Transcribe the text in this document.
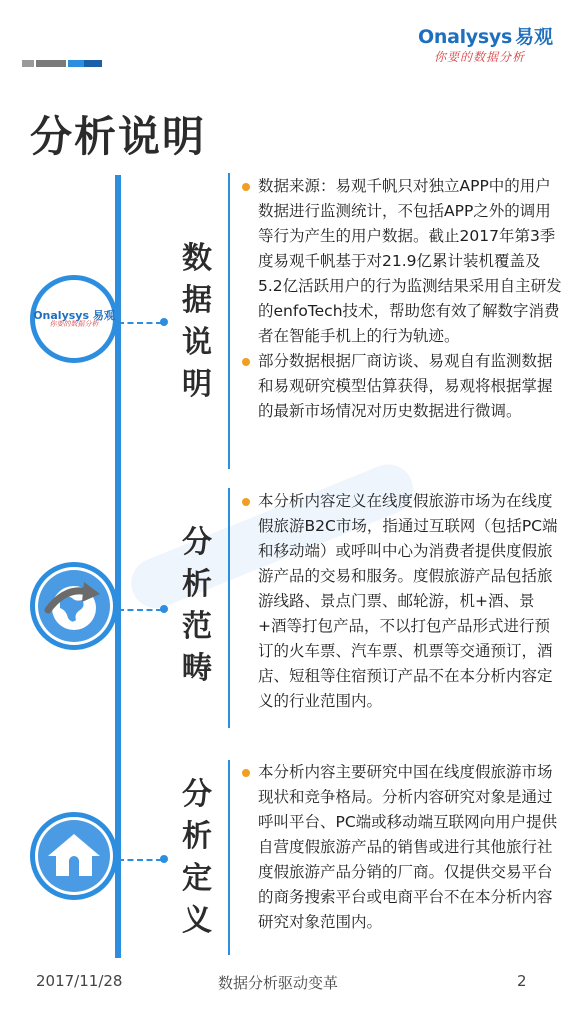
Onalysys 易观
你要的数据分析
分析说明
Onalysys 易观
你要的数据分析
数据说明

数据来源：易观千帆只对独立APP中的用户数据进行监测统计，不包括APP之外的调用等行为产生的用户数据。截止2017年第3季度易观千帆基于对21.9亿累计装机覆盖及5.2亿活跃用户的行为监测结果采用自主研发的enfoTech技术，帮助您有效了解数字消费者在智能手机上的行为轨迹。

部分数据根据厂商访谈、易观自有监测数据和易观研究模型估算获得，易观将根据掌握的最新市场情况对历史数据进行微调。

分析范畴

本分析内容定义在线度假旅游市场为在线度假旅游B2C市场，指通过互联网（包括PC端和移动端）或呼叫中心为消费者提供度假旅游产品的交易和服务。度假旅游产品包括旅游线路、景点门票、邮轮游，机+酒、景+酒等打包产品，不以打包产品形式进行预订的火车票、汽车票、机票等交通预订，酒店、短租等住宿预订产品不在本分析内容定义的行业范围内。

分析定义

本分析内容主要研究中国在线度假旅游市场现状和竞争格局。分析内容研究对象是通过呼叫平台、PC端或移动端互联网向用户提供自营度假旅游产品的销售或进行其他旅行社度假旅游产品分销的厂商。仅提供交易平台的商务搜索平台或电商平台不在本分析内容研究对象范围内。

2017/11/28	数据分析驱动变革	2
